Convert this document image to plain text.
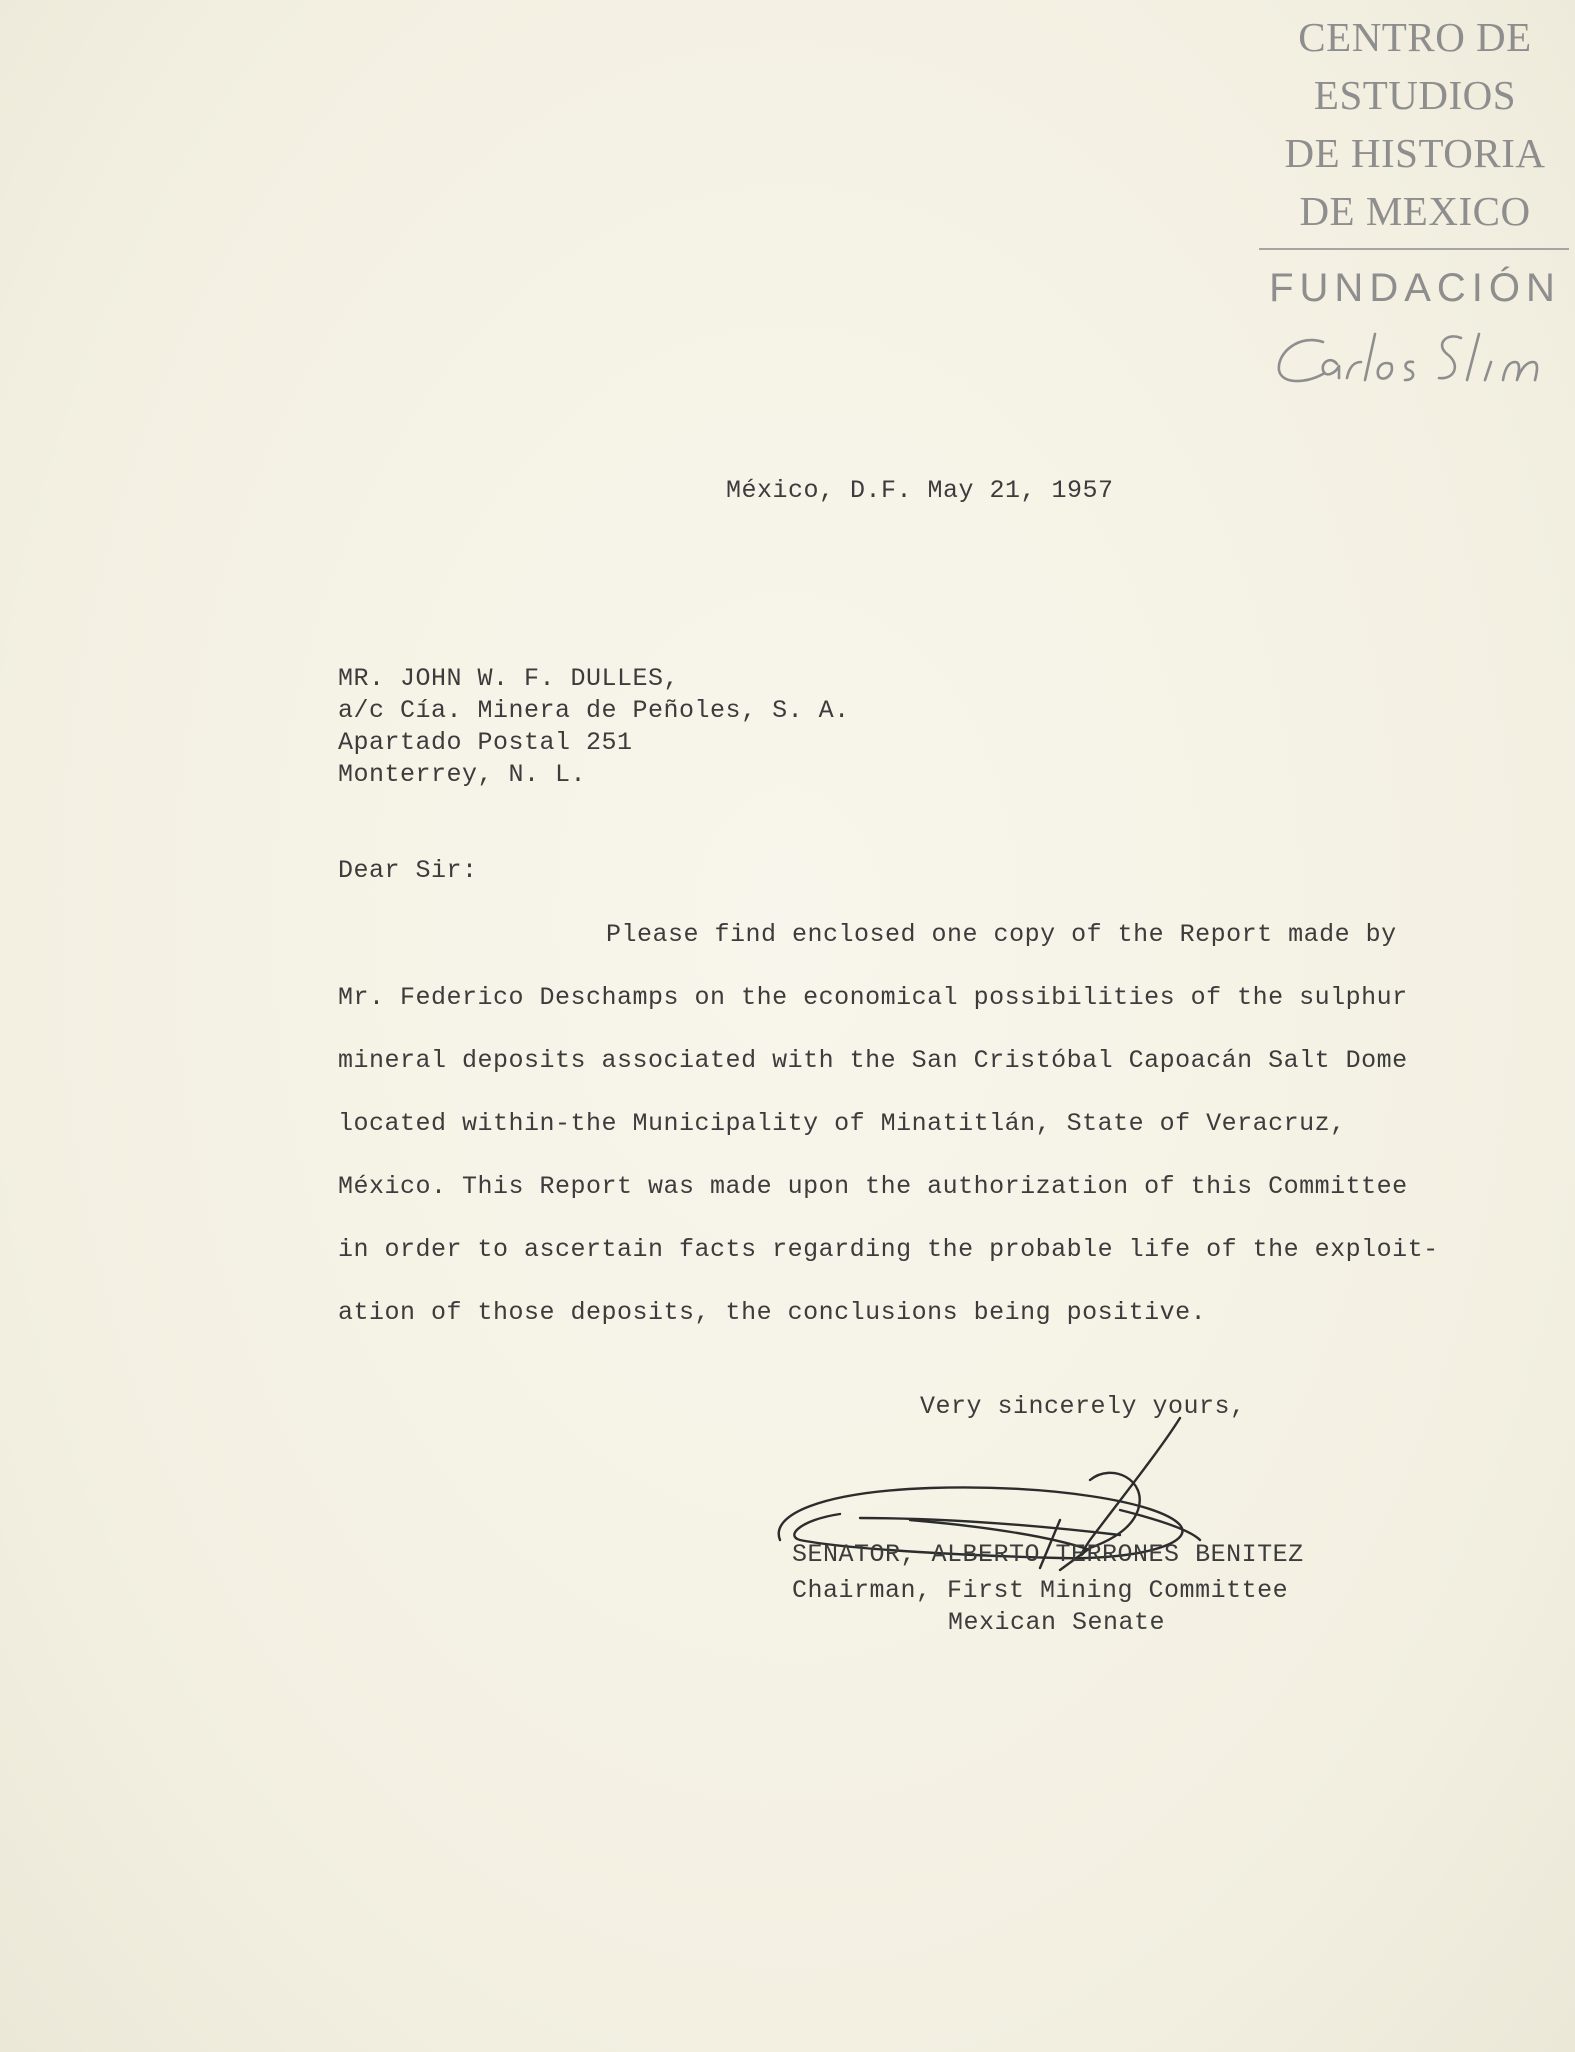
CENTRO DE
ESTUDIOS
DE HISTORIA
DE MEXICO
FUNDACIÓN
México, D.F. May 21, 1957
MR. JOHN W. F. DULLES,
a/c Cía. Minera de Peñoles, S. A.
Apartado Postal 251
Monterrey, N. L.
Dear Sir:
Please find enclosed one copy of the Report made by
Mr. Federico Deschamps on the economical possibilities of the sulphur
mineral deposits associated with the San Cristóbal Capoacán Salt Dome
located within-the Municipality of Minatitlán, State of Veracruz,
México. This Report was made upon the authorization of this Committee
in order to ascertain facts regarding the probable life of the exploit-
ation of those deposits, the conclusions being positive.
Very sincerely yours,
SENATOR, ALBERTO TERRONES BENITEZ
Chairman, First Mining Committee
Mexican Senate
